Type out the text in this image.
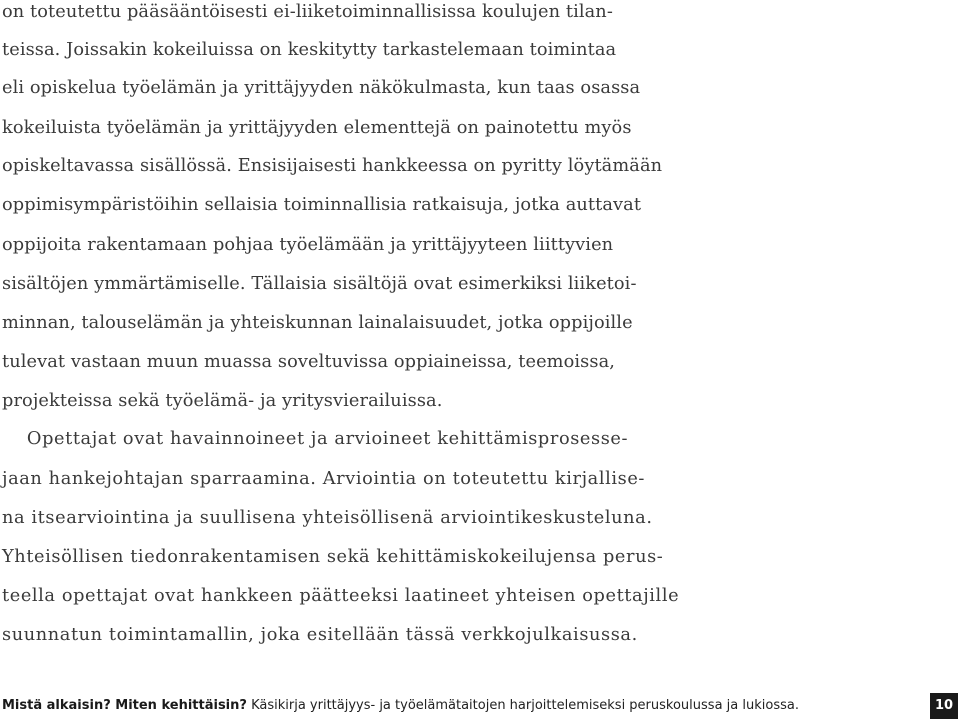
on toteutettu pääsääntöisesti ei-liiketoiminnallisissa koulujen tilan-
teissa. Joissakin kokeiluissa on keskitytty tarkastelemaan toimintaa
eli opiskelua työelämän ja yrittäjyyden näkökulmasta, kun taas osassa
kokeiluista työelämän ja yrittäjyyden elementtejä on painotettu myös
opiskeltavassa sisällössä. Ensisijaisesti hankkeessa on pyritty löytämään
oppimisympäristöihin sellaisia toiminnallisia ratkaisuja, jotka auttavat
oppijoita rakentamaan pohjaa työelämään ja yrittäjyyteen liittyvien
sisältöjen ymmärtämiselle. Tällaisia sisältöjä ovat esimerkiksi liiketoi-
minnan, talouselämän ja yhteiskunnan lainalaisuudet, jotka oppijoille
tulevat vastaan muun muassa soveltuvissa oppiaineissa, teemoissa,
projekteissa sekä työelämä- ja yritysvierailuissa.
Opettajat ovat havainnoineet ja arvioineet kehittämisprosesse-
jaan hankejohtajan sparraamina. Arviointia on toteutettu kirjallise-
na itsearviointina ja suullisena yhteisöllisenä arviointikeskusteluna.
Yhteisöllisen tiedonrakentamisen sekä kehittämiskokeilujensa perus-
teella opettajat ovat hankkeen päätteeksi laatineet yhteisen opettajille
suunnatun toimintamallin, joka esitellään tässä verkkojulkaisussa.
Mistä alkaisin? Miten kehittäisin? Käsikirja yrittäjyys- ja työelämätaitojen harjoittelemiseksi peruskoulussa ja lukiossa.	10
